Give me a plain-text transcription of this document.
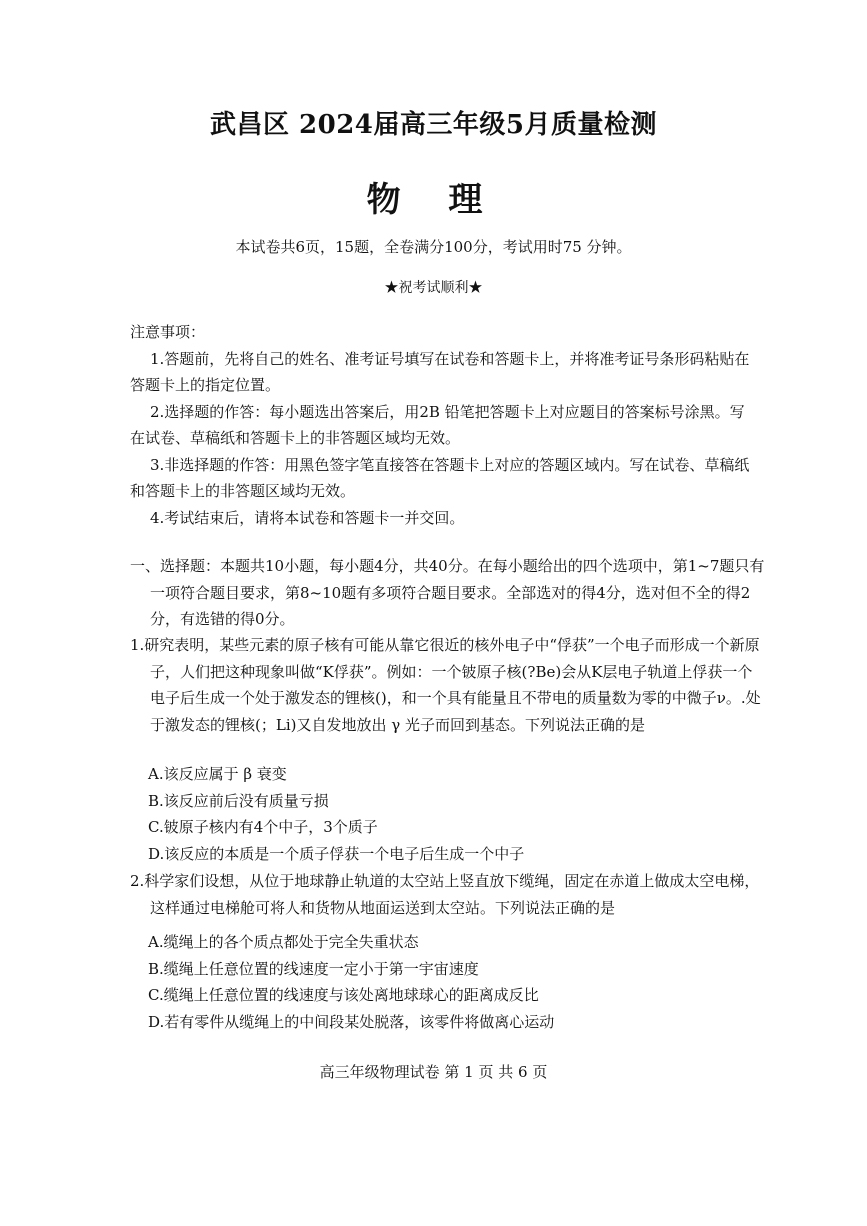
武昌区 2024届高三年级5月质量检测
物 理
本试卷共6页，15题，全卷满分100分，考试用时75 分钟。
★祝考试顺利★
注意事项：
1.答题前，先将自己的姓名、准考证号填写在试卷和答题卡上，并将准考证号条形码粘贴在答题卡上的指定位置。
2.选择题的作答：每小题选出答案后，用2B 铅笔把答题卡上对应题目的答案标号涂黑。写在试卷、草稿纸和答题卡上的非答题区域均无效。
3.非选择题的作答：用黑色签字笔直接答在答题卡上对应的答题区域内。写在试卷、草稿纸和答题卡上的非答题区域均无效。
4.考试结束后，请将本试卷和答题卡一并交回。
一、选择题：本题共10小题，每小题4分，共40分。在每小题给出的四个选项中，第1~7题只有一项符合题目要求，第8~10题有多项符合题目要求。全部选对的得4分，选对但不全的得2分，有选错的得0分。
1.研究表明，某些元素的原子核有可能从靠它很近的核外电子中“俘获”一个电子而形成一个新原子，人们把这种现象叫做“K俘获”。例如：一个铍原子核(?Be)会从K层电子轨道上俘获一个电子后生成一个处于激发态的锂核()，和一个具有能量且不带电的质量数为零的中微子ν。.处于激发态的锂核(；Li)又自发地放出 γ 光子而回到基态。下列说法正确的是
A.该反应属于 β 衰变
B.该反应前后没有质量亏损
C.铍原子核内有4个中子，3个质子
D.该反应的本质是一个质子俘获一个电子后生成一个中子
2.科学家们设想，从位于地球静止轨道的太空站上竖直放下缆绳，固定在赤道上做成太空电梯，这样通过电梯舱可将人和货物从地面运送到太空站。下列说法正确的是
A.缆绳上的各个质点都处于完全失重状态
B.缆绳上任意位置的线速度一定小于第一宇宙速度
C.缆绳上任意位置的线速度与该处离地球球心的距离成反比
D.若有零件从缆绳上的中间段某处脱落，该零件将做离心运动
高三年级物理试卷 第 1 页 共 6 页
